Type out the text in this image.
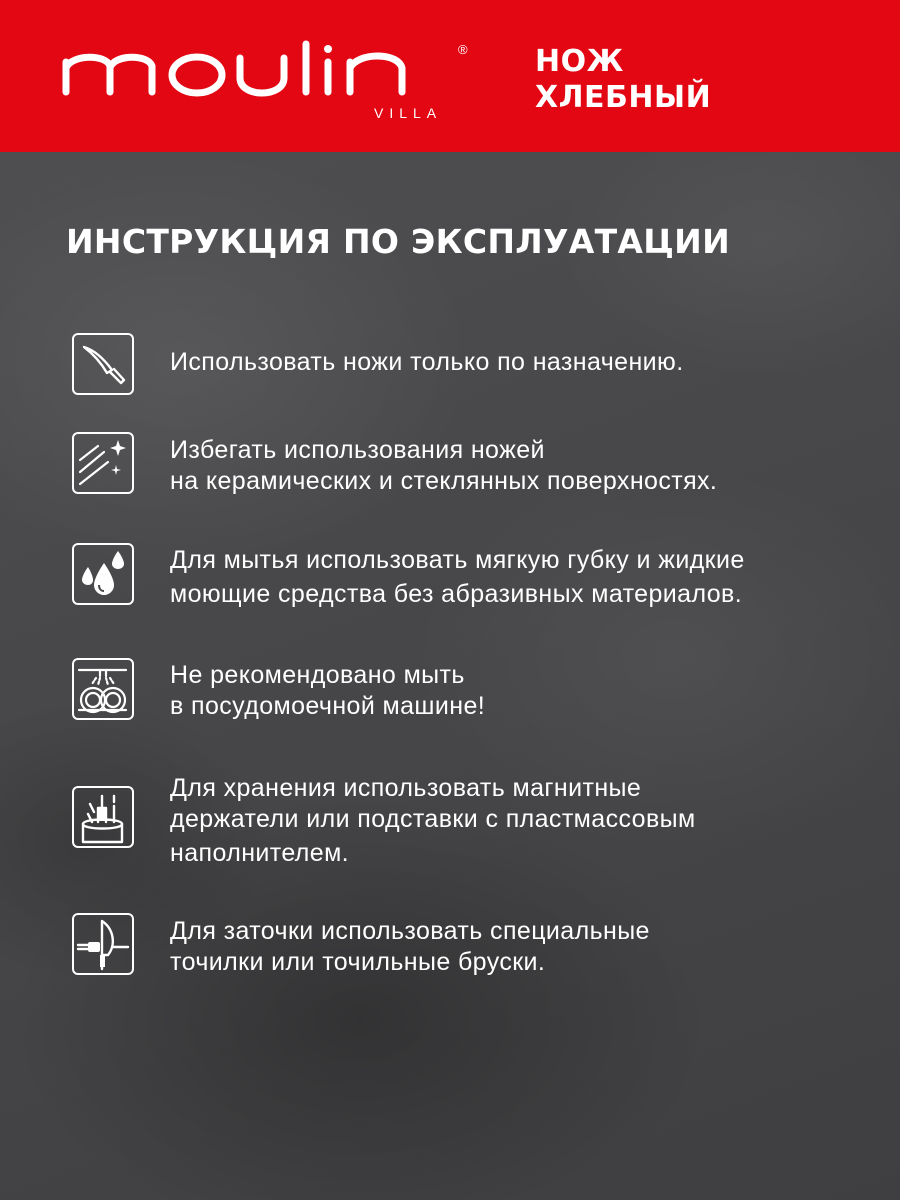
VILLA
® НОЖ
ХЛЕБНЫЙ
ИНСТРУКЦИЯ ПО ЭКСПЛУАТАЦИИ
Использовать ножи только по назначению.
Избегать использования ножей
на керамических и стеклянных поверхностях.
Для мытья использовать мягкую губку и жидкие
моющие средства без абразивных материалов.
Не рекомендовано мыть
в посудомоечной машине!
Для хранения использовать магнитные
держатели или подставки с пластмассовым
наполнителем.
Для заточки использовать специальные
точилки или точильные бруски.
